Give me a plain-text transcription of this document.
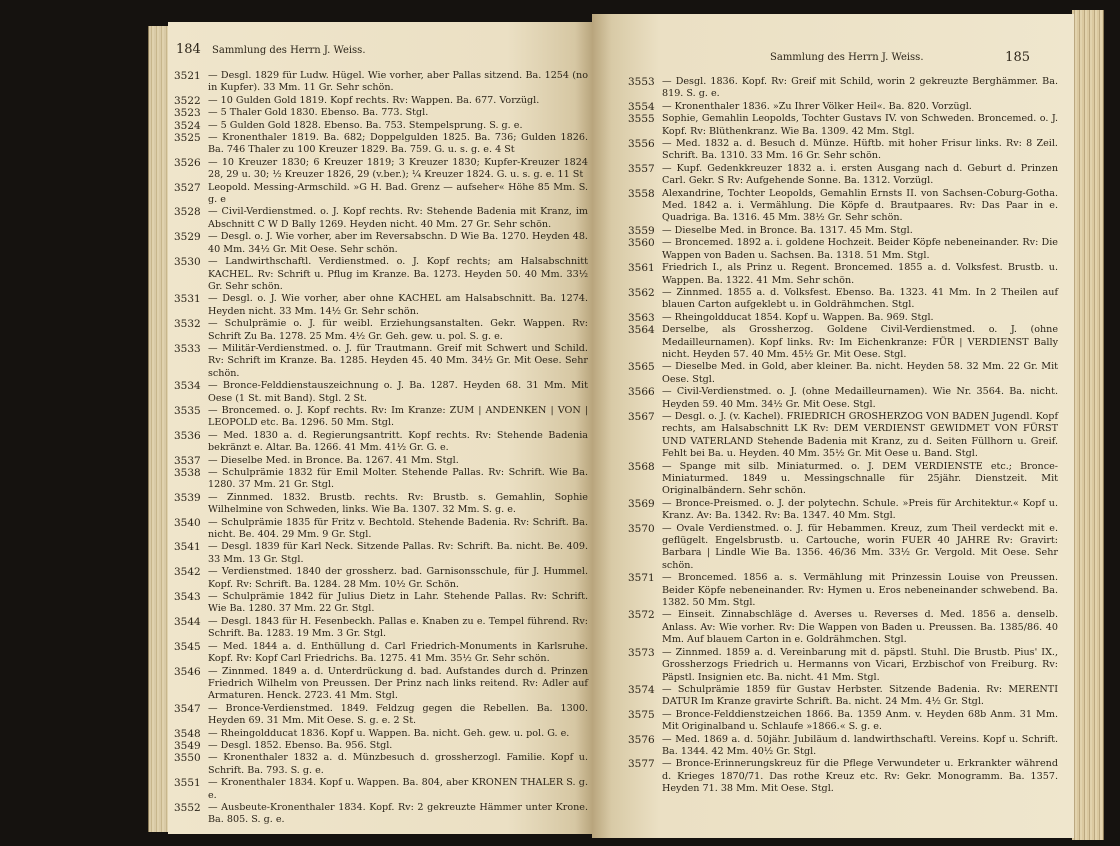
184 Sammlung des Herrn J. Weiss.
3521 — Desgl. 1829 für Ludw. Hügel. Wie vorher, aber Pallas sitzend. Ba. 1254 (no in Kupfer). 33 Mm. 11 Gr. Sehr schön.
3522 — 10 Gulden Gold 1819. Kopf rechts. Rv: Wappen. Ba. 677. Vorzügl.
3523 — 5 Thaler Gold 1830. Ebenso. Ba. 773. Stgl.
3524 — 5 Gulden Gold 1828. Ebenso. Ba. 753. Stempelsprung. S. g. e.
3525 — Kronenthaler 1819. Ba. 682; Doppelgulden 1825. Ba. 736; Gulden 1826. Ba. 746 Thaler zu 100 Kreuzer 1829. Ba. 759. G. u. s. g. e. 4 St
3526 — 10 Kreuzer 1830; 6 Kreuzer 1819; 3 Kreuzer 1830; Kupfer-Kreuzer 1824 28, 29 u. 30; ½ Kreuzer 1826, 29 (v.ber.); ¼ Kreuzer 1824. G. u. s. g. e. 11 St
3527 Leopold. Messing-Armschild. »G H. Bad. Grenz — aufseher« Höhe 85 Mm. S. g. e
3528 — Civil-Verdienstmed. o. J. Kopf rechts. Rv: Stehende Badenia mit Kranz, im Abschnitt C W D Bally 1269. Heyden nicht. 40 Mm. 27 Gr. Sehr schön.
3529 — Desgl. o. J. Wie vorher, aber im Reversabschn. D Wie Ba. 1270. Heyden 48. 40 Mm. 34½ Gr. Mit Oese. Sehr schön.
3530 — Landwirthschaftl. Verdienstmed. o. J. Kopf rechts; am Halsabschnitt KACHEL. Rv: Schrift u. Pflug im Kranze. Ba. 1273. Heyden 50. 40 Mm. 33½ Gr. Sehr schön.
3531 — Desgl. o. J. Wie vorher, aber ohne KACHEL am Halsabschnitt. Ba. 1274. Heyden nicht. 33 Mm. 14½ Gr. Sehr schön.
3532 — Schulprämie o. J. für weibl. Erziehungsanstalten. Gekr. Wappen. Rv: Schrift Zu Ba. 1278. 25 Mm. 4½ Gr. Geh. gew. u. pol. S. g. e.
3533 — Militär-Verdienstmed. o. J. für Trautmann. Greif mit Schwert und Schild. Rv: Schrift im Kranze. Ba. 1285. Heyden 45. 40 Mm. 34½ Gr. Mit Oese. Sehr schön.
3534 — Bronce-Felddienstauszeichnung o. J. Ba. 1287. Heyden 68. 31 Mm. Mit Oese (1 St. mit Band). Stgl. 2 St.
3535 — Broncemed. o. J. Kopf rechts. Rv: Im Kranze: ZUM | ANDENKEN | VON | LEOPOLD etc. Ba. 1296. 50 Mm. Stgl.
3536 — Med. 1830 a. d. Regierungsantritt. Kopf rechts. Rv: Stehende Badenia bekränzt e. Altar. Ba. 1266. 41 Mm. 41½ Gr. G. e.
3537 — Dieselbe Med. in Bronce. Ba. 1267. 41 Mm. Stgl.
3538 — Schulprämie 1832 für Emil Molter. Stehende Pallas. Rv: Schrift. Wie Ba. 1280. 37 Mm. 21 Gr. Stgl.
3539 — Zinnmed. 1832. Brustb. rechts. Rv: Brustb. s. Gemahlin, Sophie Wilhelmine von Schweden, links. Wie Ba. 1307. 32 Mm. S. g. e.
3540 — Schulprämie 1835 für Fritz v. Bechtold. Stehende Badenia. Rv: Schrift. Ba. nicht. Be. 404. 29 Mm. 9 Gr. Stgl.
3541 — Desgl. 1839 für Karl Neck. Sitzende Pallas. Rv: Schrift. Ba. nicht. Be. 409. 33 Mm. 13 Gr. Stgl.
3542 — Verdienstmed. 1840 der grossherz. bad. Garnisonsschule, für J. Hummel. Kopf. Rv: Schrift. Ba. 1284. 28 Mm. 10½ Gr. Schön.
3543 — Schulprämie 1842 für Julius Dietz in Lahr. Stehende Pallas. Rv: Schrift. Wie Ba. 1280. 37 Mm. 22 Gr. Stgl.
3544 — Desgl. 1843 für H. Fesenbeckh. Pallas e. Knaben zu e. Tempel führend. Rv: Schrift. Ba. 1283. 19 Mm. 3 Gr. Stgl.
3545 — Med. 1844 a. d. Enthüllung d. Carl Friedrich-Monuments in Karlsruhe. Kopf. Rv: Kopf Carl Friedrichs. Ba. 1275. 41 Mm. 35½ Gr. Sehr schön.
3546 — Zinnmed. 1849 a. d. Unterdrückung d. bad. Aufstandes durch d. Prinzen Friedrich Wilhelm von Preussen. Der Prinz nach links reitend. Rv: Adler auf Armaturen. Henck. 2723. 41 Mm. Stgl.
3547 — Bronce-Verdienstmed. 1849. Feldzug gegen die Rebellen. Ba. 1300. Heyden 69. 31 Mm. Mit Oese. S. g. e. 2 St.
3548 — Rheingoldducat 1836. Kopf u. Wappen. Ba. nicht. Geh. gew. u. pol. G. e.
3549 — Desgl. 1852. Ebenso. Ba. 956. Stgl.
3550 — Kronenthaler 1832 a. d. Münzbesuch d. grossherzogl. Familie. Kopf u. Schrift. Ba. 793. S. g. e.
3551 — Kronenthaler 1834. Kopf u. Wappen. Ba. 804, aber KRONEN THALER S. g. e.
3552 — Ausbeute-Kronenthaler 1834. Kopf. Rv: 2 gekreuzte Hämmer unter Krone. Ba. 805. S. g. e.
Sammlung des Herrn J. Weiss.	185
3553 — Desgl. 1836. Kopf. Rv: Greif mit Schild, worin 2 gekreuzte Berghämmer. Ba. 819. S. g. e.
3554 — Kronenthaler 1836. »Zu Ihrer Völker Heil«. Ba. 820. Vorzügl.
3555 Sophie, Gemahlin Leopolds, Tochter Gustavs IV. von Schweden. Broncemed. o. J. Kopf. Rv: Blüthenkranz. Wie Ba. 1309. 42 Mm. Stgl.
3556 — Med. 1832 a. d. Besuch d. Münze. Hüftb. mit hoher Frisur links. Rv: 8 Zeil. Schrift. Ba. 1310. 33 Mm. 16 Gr. Sehr schön.
3557 — Kupf. Gedenkkreuzer 1832 a. i. ersten Ausgang nach d. Geburt d. Prinzen Carl. Gekr. S Rv: Aufgehende Sonne. Ba. 1312. Vorzügl.
3558 Alexandrine, Tochter Leopolds, Gemahlin Ernsts II. von Sachsen-Coburg-Gotha. Med. 1842 a. i. Vermählung. Die Köpfe d. Brautpaares. Rv: Das Paar in e. Quadriga. Ba. 1316. 45 Mm. 38½ Gr. Sehr schön.
3559 — Dieselbe Med. in Bronce. Ba. 1317. 45 Mm. Stgl.
3560 — Broncemed. 1892 a. i. goldene Hochzeit. Beider Köpfe nebeneinander. Rv: Die Wappen von Baden u. Sachsen. Ba. 1318. 51 Mm. Stgl.
3561 Friedrich I., als Prinz u. Regent. Broncemed. 1855 a. d. Volksfest. Brustb. u. Wappen. Ba. 1322. 41 Mm. Sehr schön.
3562 — Zinnmed. 1855 a. d. Volksfest. Ebenso. Ba. 1323. 41 Mm. In 2 Theilen auf blauen Carton aufgeklebt u. in Goldrähmchen. Stgl.
3563 — Rheingoldducat 1854. Kopf u. Wappen. Ba. 969. Stgl.
3564 Derselbe, als Grossherzog. Goldene Civil-Verdienstmed. o. J. (ohne Medailleurnamen). Kopf links. Rv: Im Eichenkranze: FÜR | VERDIENST Bally nicht. Heyden 57. 40 Mm. 45½ Gr. Mit Oese. Stgl.
3565 — Dieselbe Med. in Gold, aber kleiner. Ba. nicht. Heyden 58. 32 Mm. 22 Gr. Mit Oese. Stgl.
3566 — Civil-Verdienstmed. o. J. (ohne Medailleurnamen). Wie Nr. 3564. Ba. nicht. Heyden 59. 40 Mm. 34½ Gr. Mit Oese. Stgl.
3567 — Desgl. o. J. (v. Kachel). FRIEDRICH GROSHERZOG VON BADEN Jugendl. Kopf rechts, am Halsabschnitt LK Rv: DEM VERDIENST GEWIDMET VON FÜRST UND VATERLAND Stehende Badenia mit Kranz, zu d. Seiten Füllhorn u. Greif. Fehlt bei Ba. u. Heyden. 40 Mm. 35½ Gr. Mit Oese u. Band. Stgl.
3568 — Spange mit silb. Miniaturmed. o. J. DEM VERDIENSTE etc.; Bronce-Miniaturmed. 1849 u. Messingschnalle für 25jähr. Dienstzeit. Mit Originalbändern. Sehr schön.
3569 — Bronce-Preismed. o. J. der polytechn. Schule. »Preis für Architektur.« Kopf u. Kranz. Av: Ba. 1342. Rv: Ba. 1347. 40 Mm. Stgl.
3570 — Ovale Verdienstmed. o. J. für Hebammen. Kreuz, zum Theil verdeckt mit e. geflügelt. Engelsbrustb. u. Cartouche, worin FUER 40 JAHRE Rv: Gravirt: Barbara | Lindle Wie Ba. 1356. 46/36 Mm. 33½ Gr. Vergold. Mit Oese. Sehr schön.
3571 — Broncemed. 1856 a. s. Vermählung mit Prinzessin Louise von Preussen. Beider Köpfe nebeneinander. Rv: Hymen u. Eros nebeneinander schwebend. Ba. 1382. 50 Mm. Stgl.
3572 — Einseit. Zinnabschläge d. Averses u. Reverses d. Med. 1856 a. denselb. Anlass. Av: Wie vorher. Rv: Die Wappen von Baden u. Preussen. Ba. 1385/86. 40 Mm. Auf blauem Carton in e. Goldrähmchen. Stgl.
3573 — Zinnmed. 1859 a. d. Vereinbarung mit d. päpstl. Stuhl. Die Brustb. Pius' IX., Grossherzogs Friedrich u. Hermanns von Vicari, Erzbischof von Freiburg. Rv: Päpstl. Insignien etc. Ba. nicht. 41 Mm. Stgl.
3574 — Schulprämie 1859 für Gustav Herbster. Sitzende Badenia. Rv: MERENTI DATUR Im Kranze gravirte Schrift. Ba. nicht. 24 Mm. 4½ Gr. Stgl.
3575 — Bronce-Felddienstzeichen 1866. Ba. 1359 Anm. v. Heyden 68b Anm. 31 Mm. Mit Originalband u. Schlaufe »1866.« S. g. e.
3576 — Med. 1869 a. d. 50jähr. Jubiläum d. landwirthschaftl. Vereins. Kopf u. Schrift. Ba. 1344. 42 Mm. 40½ Gr. Stgl.
3577 — Bronce-Erinnerungskreuz für die Pflege Verwundeter u. Erkrankter während d. Krieges 1870/71. Das rothe Kreuz etc. Rv: Gekr. Monogramm. Ba. 1357. Heyden 71. 38 Mm. Mit Oese. Stgl.
